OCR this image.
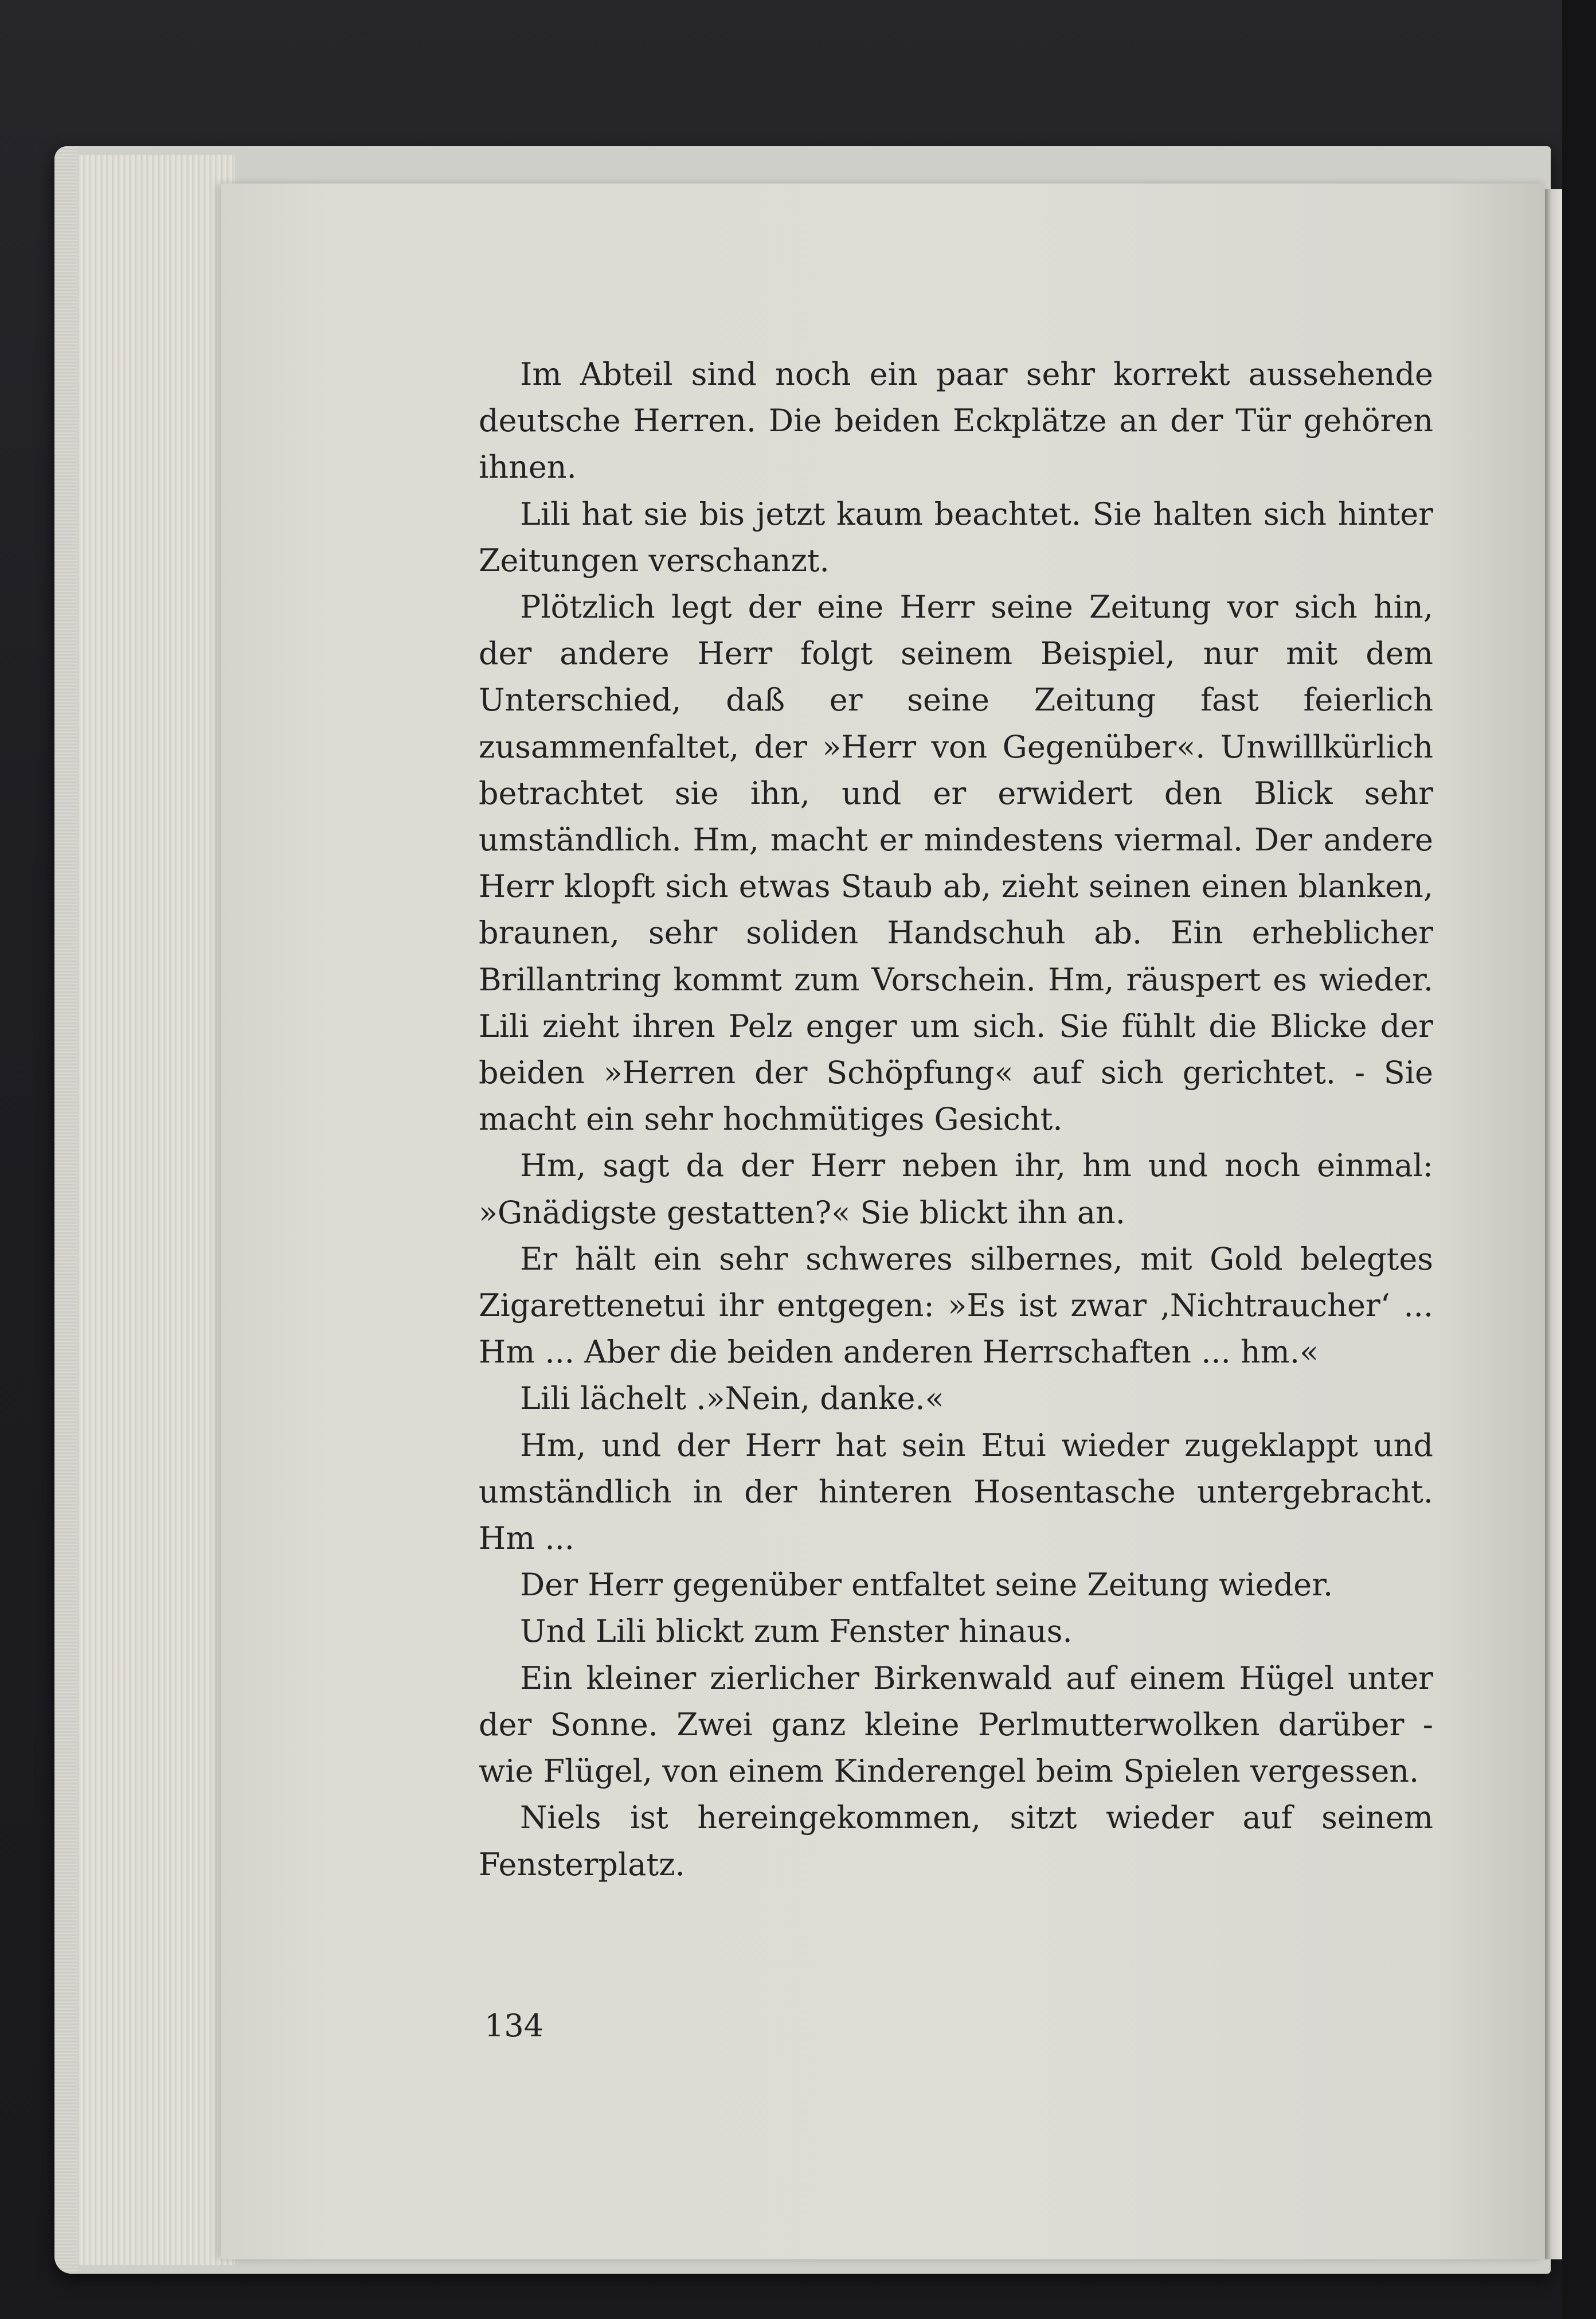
Im Abteil sind noch ein paar sehr korrekt aussehende deutsche Herren. Die beiden Eckplätze an der Tür gehören ihnen.

Lili hat sie bis jetzt kaum beachtet. Sie halten sich hinter Zeitungen verschanzt.

Plötzlich legt der eine Herr seine Zeitung vor sich hin, der andere Herr folgt seinem Beispiel, nur mit dem Unterschied, daß er seine Zeitung fast feierlich zusammenfaltet, der »Herr von Gegenüber«. Unwillkürlich betrachtet sie ihn, und er erwidert den Blick sehr umständlich. Hm, macht er mindestens viermal. Der andere Herr klopft sich etwas Staub ab, zieht seinen einen blanken, braunen, sehr soliden Handschuh ab. Ein erheblicher Brillantring kommt zum Vorschein. Hm, räuspert es wieder. Lili zieht ihren Pelz enger um sich. Sie fühlt die Blicke der beiden »Herren der Schöpfung« auf sich gerichtet. - Sie macht ein sehr hochmütiges Gesicht.

Hm, sagt da der Herr neben ihr, hm und noch einmal: »Gnädigste gestatten?« Sie blickt ihn an.

Er hält ein sehr schweres silbernes, mit Gold belegtes Zigarettenetui ihr entgegen: »Es ist zwar ‚Nichtraucher‘ ... Hm ... Aber die beiden anderen Herrschaften ... hm.«

Lili lächelt .»Nein, danke.«

Hm, und der Herr hat sein Etui wieder zugeklappt und umständlich in der hinteren Hosentasche untergebracht. Hm ...

Der Herr gegenüber entfaltet seine Zeitung wieder.

Und Lili blickt zum Fenster hinaus.

Ein kleiner zierlicher Birkenwald auf einem Hügel unter der Sonne. Zwei ganz kleine Perlmutterwolken darüber - wie Flügel, von einem Kinderengel beim Spielen vergessen.

Niels ist hereingekommen, sitzt wieder auf seinem Fensterplatz.

134
